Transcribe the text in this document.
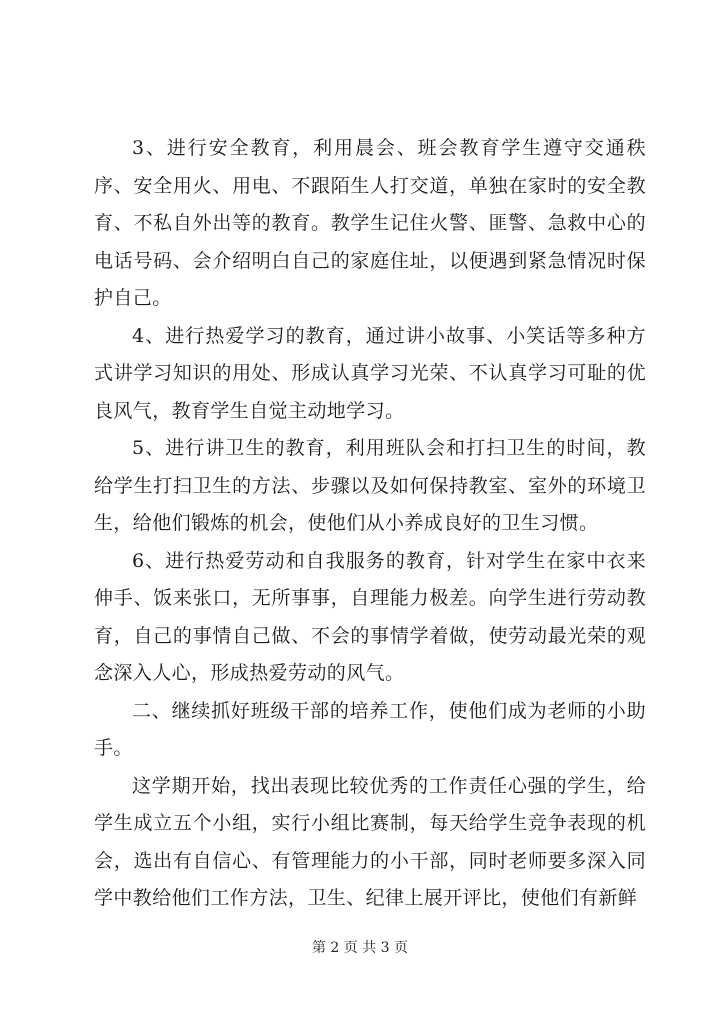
3、进行安全教育，利用晨会、班会教育学生遵守交通秩序、安全用火、用电、不跟陌生人打交道，单独在家时的安全教育、不私自外出等的教育。教学生记住火警、匪警、急救中心的电话号码、会介绍明白自己的家庭住址，以便遇到紧急情况时保护自己。

4、进行热爱学习的教育，通过讲小故事、小笑话等多种方式讲学习知识的用处、形成认真学习光荣、不认真学习可耻的优良风气，教育学生自觉主动地学习。

5、进行讲卫生的教育，利用班队会和打扫卫生的时间，教给学生打扫卫生的方法、步骤以及如何保持教室、室外的环境卫生，给他们锻炼的机会，使他们从小养成良好的卫生习惯。

6、进行热爱劳动和自我服务的教育，针对学生在家中衣来伸手、饭来张口，无所事事，自理能力极差。向学生进行劳动教育，自己的事情自己做、不会的事情学着做，使劳动最光荣的观念深入人心，形成热爱劳动的风气。

二、继续抓好班级干部的培养工作，使他们成为老师的小助手。

这学期开始，找出表现比较优秀的工作责任心强的学生，给学生成立五个小组，实行小组比赛制，每天给学生竞争表现的机会，选出有自信心、有管理能力的小干部，同时老师要多深入同学中教给他们工作方法，卫生、纪律上展开评比，使他们有新鲜

第 2 页 共 3 页
